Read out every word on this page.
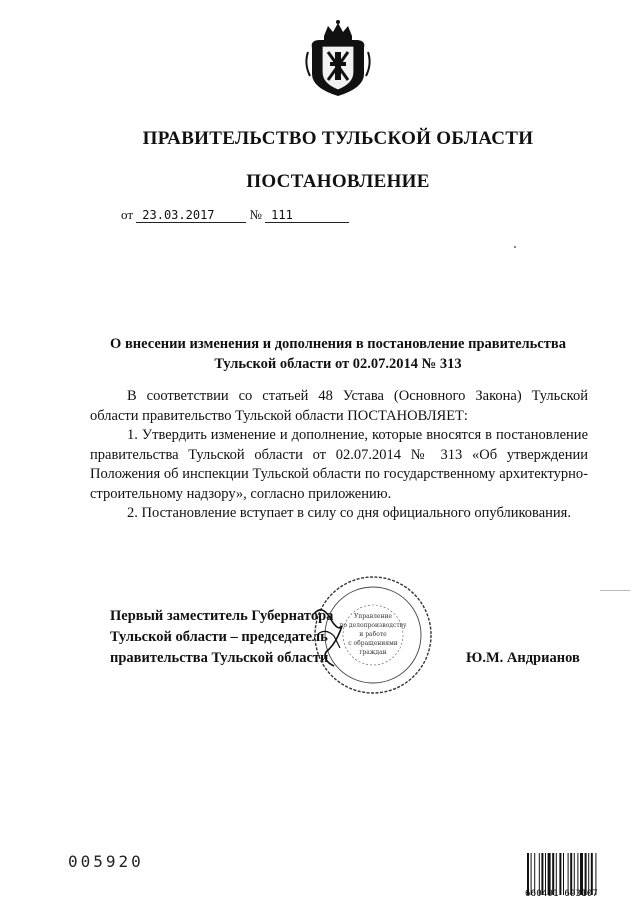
ПРАВИТЕЛЬСТВО ТУЛЬСКОЙ ОБЛАСТИ
ПОСТАНОВЛЕНИЕ
от 23.03.2017	№ 111
О внесении изменения и дополнения в постановление правительства
Тульской области от 02.07.2014 № 313

В соответствии со статьей 48 Устава (Основного Закона) Тульской области правительство Тульской области ПОСТАНОВЛЯЕТ:

1. Утвердить изменение и дополнение, которые вносятся в постановление правительства Тульской области от 02.07.2014 № 313 «Об утверждении Положения об инспекции Тульской области по государственному архитектурно-строительному надзору», согласно приложению.

2. Постановление вступает в силу со дня официального опубликования.

Первый заместитель Губернатора
Тульской области – председатель
правительства Тульской области
Управление
по делопроизводству
и работе
с обращениями
граждан	Ю.М. Андрианов
005920
660491 693107
